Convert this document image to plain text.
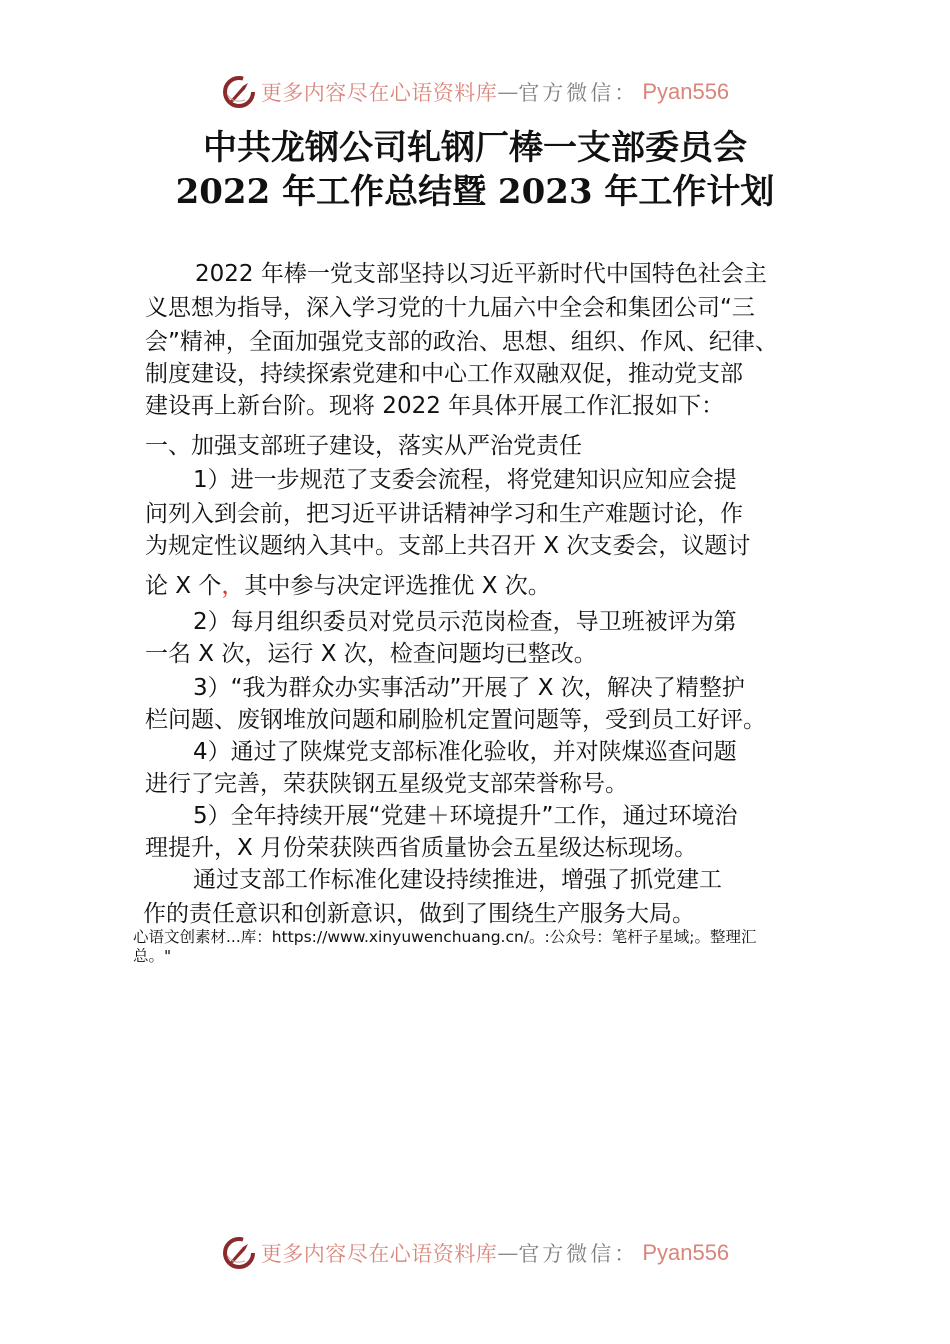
更多内容尽在心语资料库 — 官方微信： Pyan556
中共龙钢公司轧钢厂棒一支部委员会
2022 年工作总结暨 2023 年工作计划
2022 年棒一党支部坚持以习近平新时代中国特色社会主
义思想为指导，深入学习党的十九届六中全会和集团公司“三
会”精神，全面加强党支部的政治、思想、组织、作风、纪律、
制度建设，持续探索党建和中心工作双融双促，推动党支部
建设再上新台阶。现将 2022 年具体开展工作汇报如下：
一、加强支部班子建设，落实从严治党责任
1）进一步规范了支委会流程，将党建知识应知应会提
问列入到会前，把习近平讲话精神学习和生产难题讨论，作
为规定性议题纳入其中。支部上共召开 X 次支委会，议题讨
论 X 个，其中参与决定评选推优 X 次。
2）每月组织委员对党员示范岗检查，导卫班被评为第
一名 X 次，运行 X 次，检查问题均已整改。
3）“我为群众办实事活动”开展了 X 次，解决了精整护
栏问题、废钢堆放问题和刷脸机定置问题等，受到员工好评。
4）通过了陕煤党支部标准化验收，并对陕煤巡查问题
进行了完善，荣获陕钢五星级党支部荣誉称号。
5）全年持续开展“党建＋环境提升”工作，通过环境治
理提升，X 月份荣获陕西省质量协会五星级达标现场。
通过支部工作标准化建设持续推进，增强了抓党建工
作的责任意识和创新意识，做到了围绕生产服务大局。
心语文创素材...库：https://www.xinyuwenchuang.cn/。:公众号：笔杆子星域;。整理汇
总。"
更多内容尽在心语资料库 — 官方微信： Pyan556
